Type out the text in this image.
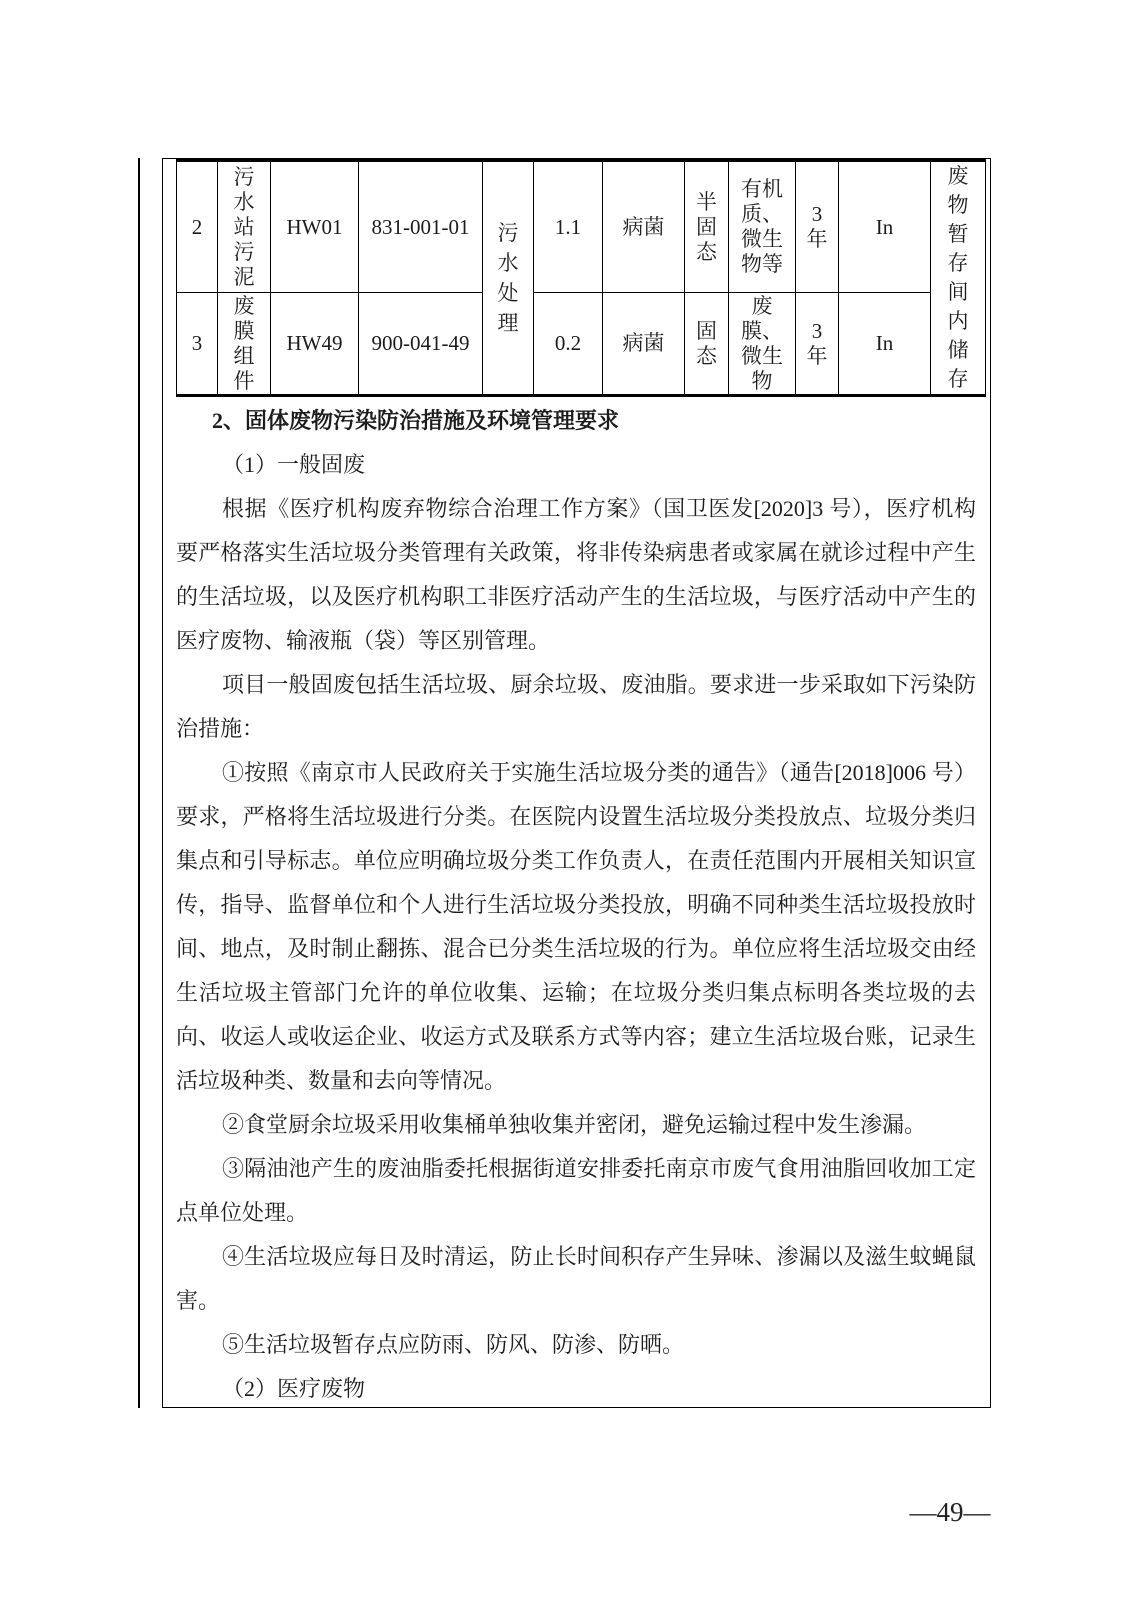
2	污水站污泥	HW01	831-001-01	污水处理	1.1	病菌	半固态	有机质、微生物等	3年	In	废物暂存间内储存

3	废膜组件	HW49	900-041-49		0.2	病菌	固态	废膜、微生物	3年	In	

2、固体废物污染防治措施及环境管理要求

（1）一般固废

根据《医疗机构废弃物综合治理工作方案》（国卫医发[2020]3 号），医疗机构要严格落实生活垃圾分类管理有关政策，将非传染病患者或家属在就诊过程中产生的生活垃圾，以及医疗机构职工非医疗活动产生的生活垃圾，与医疗活动中产生的医疗废物、输液瓶（袋）等区别管理。

项目一般固废包括生活垃圾、厨余垃圾、废油脂。要求进一步采取如下污染防治措施：

①按照《南京市人民政府关于实施生活垃圾分类的通告》（通告[2018]006 号）要求，严格将生活垃圾进行分类。在医院内设置生活垃圾分类投放点、垃圾分类归集点和引导标志。单位应明确垃圾分类工作负责人，在责任范围内开展相关知识宣传，指导、监督单位和个人进行生活垃圾分类投放，明确不同种类生活垃圾投放时间、地点，及时制止翻拣、混合已分类生活垃圾的行为。单位应将生活垃圾交由经生活垃圾主管部门允许的单位收集、运输；在垃圾分类归集点标明各类垃圾的去向、收运人或收运企业、收运方式及联系方式等内容；建立生活垃圾台账，记录生活垃圾种类、数量和去向等情况。

②食堂厨余垃圾采用收集桶单独收集并密闭，避免运输过程中发生渗漏。

③隔油池产生的废油脂委托根据街道安排委托南京市废气食用油脂回收加工定点单位处理。

④生活垃圾应每日及时清运，防止长时间积存产生异味、渗漏以及滋生蚊蝇鼠害。

⑤生活垃圾暂存点应防雨、防风、防渗、防晒。

（2）医疗废物

—49—
